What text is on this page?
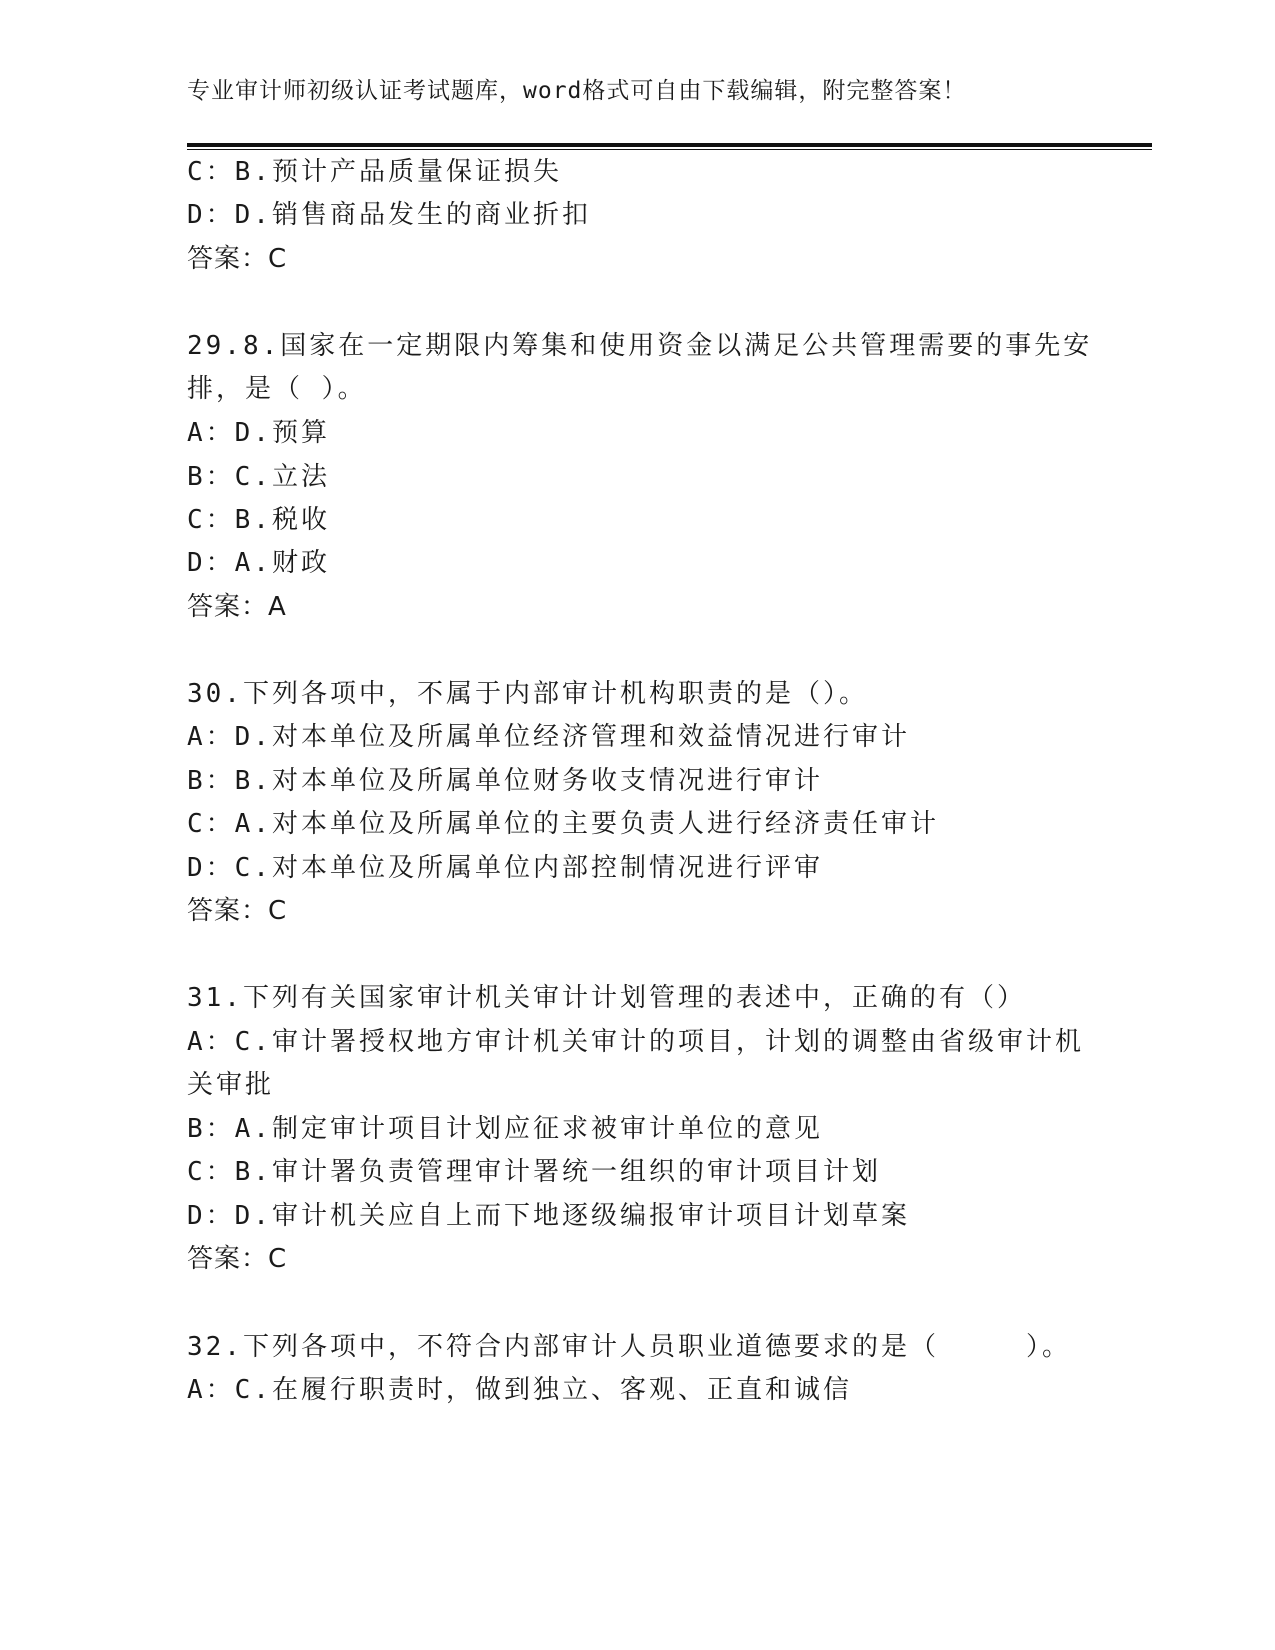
专业审计师初级认证考试题库，word格式可自由下载编辑，附完整答案！
C：B.预计产品质量保证损失
D：D.销售商品发生的商业折扣
答案：C
29.8.国家在一定期限内筹集和使用资金以满足公共管理需要的事先安
排，是（ ）。
A：D.预算
B：C.立法
C：B.税收
D：A.财政
答案：A
30.下列各项中，不属于内部审计机构职责的是（）。
A：D.对本单位及所属单位经济管理和效益情况进行审计
B：B.对本单位及所属单位财务收支情况进行审计
C：A.对本单位及所属单位的主要负责人进行经济责任审计
D：C.对本单位及所属单位内部控制情况进行评审
答案：C
31.下列有关国家审计机关审计计划管理的表述中，正确的有（）
A：C.审计署授权地方审计机关审计的项目，计划的调整由省级审计机
关审批
B：A.制定审计项目计划应征求被审计单位的意见
C：B.审计署负责管理审计署统一组织的审计项目计划
D：D.审计机关应自上而下地逐级编报审计项目计划草案
答案：C
32.下列各项中，不符合内部审计人员职业道德要求的是（　　　）。
A：C.在履行职责时，做到独立、客观、正直和诚信
